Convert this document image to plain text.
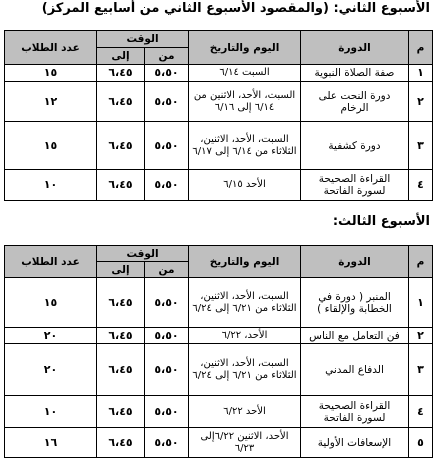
الأسبوع الثاني: (والمقصود الأسبوع الثاني من أسابيع المركز)
م	الدورة	اليوم والتاريخ	الوقت		عدد الطلاب
			من	إلى	
١	صفة الصلاة النبوية	السبت ٦/١٤	٥،٥٠	٦،٤٥	١٥
٢	دورة النحت على الرخام	السبت، الأحد، الاثنين من ٦/١٤ إلى ٦/١٦	٥،٥٠	٦،٤٥	١٢
٣	دورة كشفية	السبت، الأحد، الاثنين، الثلاثاء من ٦/١٤ إلى ٦/١٧	٥،٥٠	٦،٤٥	١٥
٤	القراءة الصحيحة لسورة الفاتحة	الأحد ٦/١٥	٥،٥٠	٦،٤٥	١٠
الأسبوع الثالث:
م	الدورة	اليوم والتاريخ	الوقت		عدد الطلاب
			من	إلى	
١	المنبر ( دورة في الخطابة والإلقاء )	السبت، الأحد، الاثنين، الثلاثاء من ٦/٢١ إلى ٦/٢٤	٥،٥٠	٦،٤٥	١٥
٢	فن التعامل مع الناس	الأحد، ٦/٢٢	٥،٥٠	٦،٤٥	٢٠
٣	الدفاع المدني	السبت، الأحد، الاثنين، الثلاثاء من ٦/٢١ إلى ٦/٢٤	٥،٥٠	٦،٤٥	٢٠
٤	القراءة الصحيحة لسورة الفاتحة	الأحد ٦/٢٢	٥،٥٠	٦،٤٥	١٠
٥	الإسعافات الأولية	الأحد، الاثنين ٦/٢٢إلى ٦/٢٣	٥،٥٠	٦،٤٥	١٦
